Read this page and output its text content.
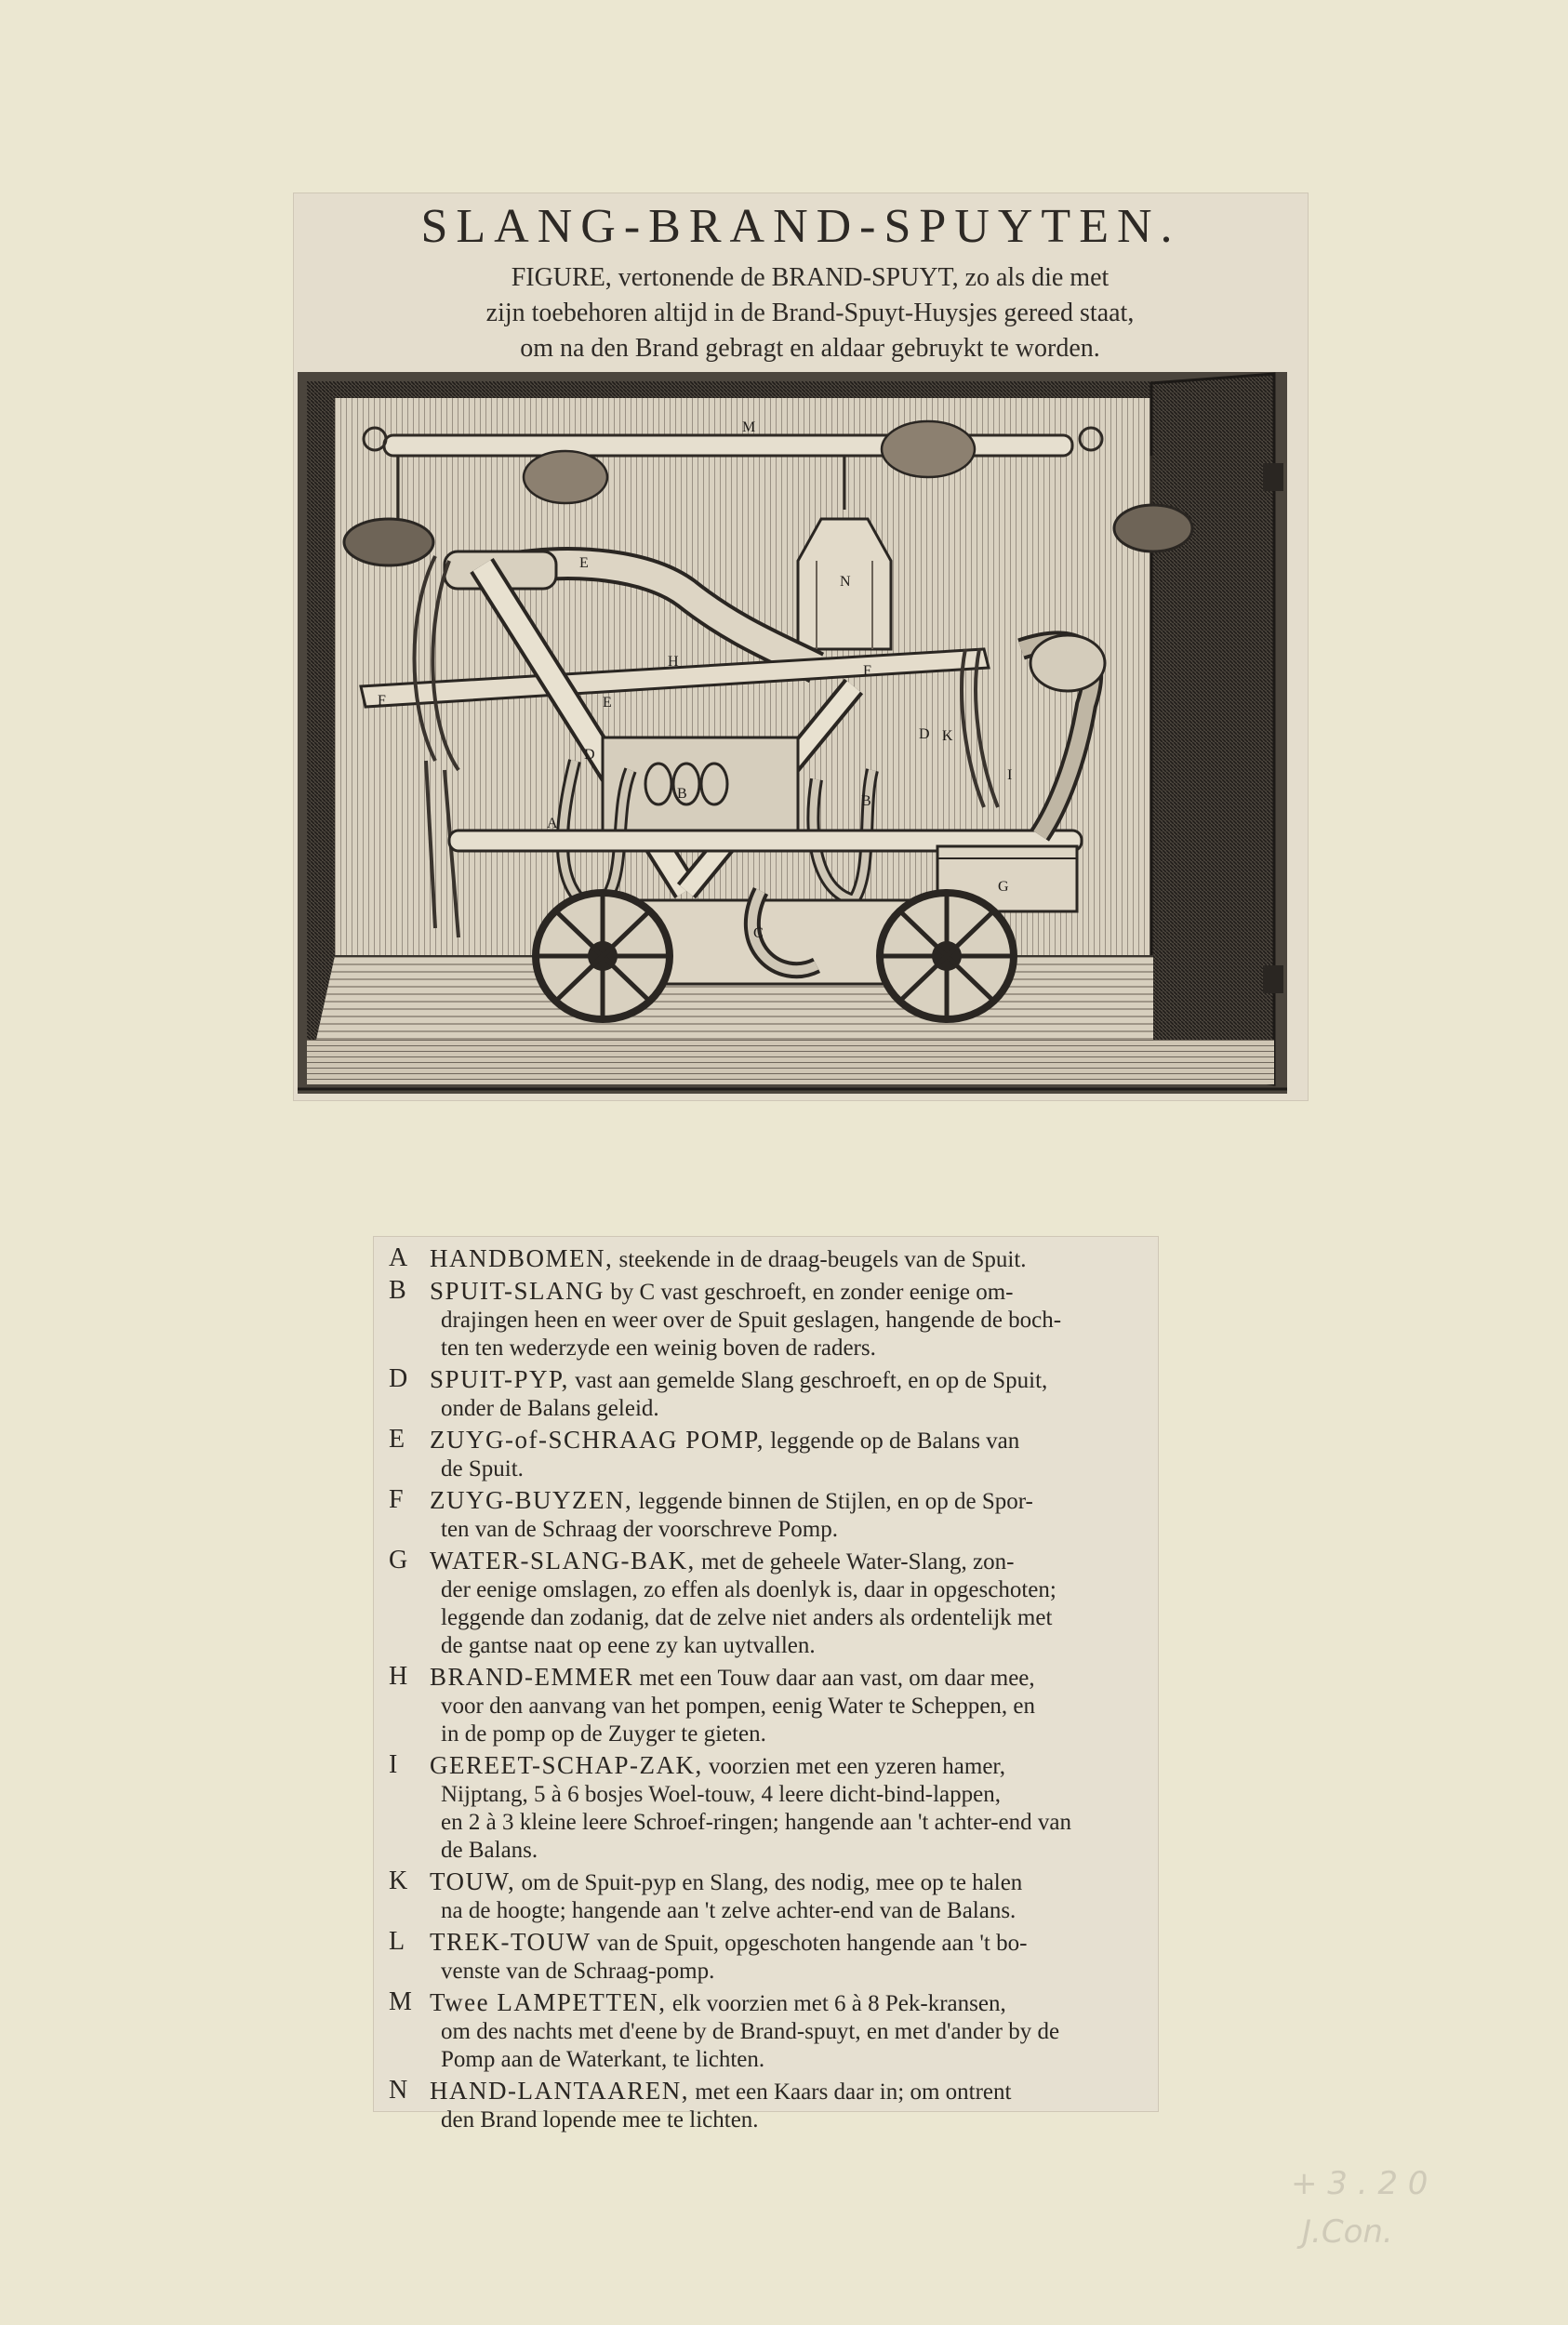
SLANG-BRAND-SPUYTEN.
FIGURE, vertonende de BRAND-SPUYT, zo als die met
zijn toebehoren altijd in de Brand-Spuyt-Huysjes gereed staat,
om na den Brand gebragt en aldaar gebruykt te worden.
M
N
E
H
E
F
F
D
D K
I
B	B
A
G
C
A HANDBOMEN, steekende in de draag-beugels van de Spuit.
B SPUIT-SLANG by C vast geschroeft, en zonder eenige om-
drajingen heen en weer over de Spuit geslagen, hangende de boch-
ten ten wederzyde een weinig boven de raders.
D SPUIT-PYP, vast aan gemelde Slang geschroeft, en op de Spuit,
onder de Balans geleid.
E ZUYG-of-SCHRAAG POMP, leggende op de Balans van
de Spuit.
F ZUYG-BUYZEN, leggende binnen de Stijlen, en op de Spor-
ten van de Schraag der voorschreve Pomp.
G WATER-SLANG-BAK, met de geheele Water-Slang, zon-
der eenige omslagen, zo effen als doenlyk is, daar in opgeschoten;
leggende dan zodanig, dat de zelve niet anders als ordentelijk met
de gantse naat op eene zy kan uytvallen.
H BRAND-EMMER met een Touw daar aan vast, om daar mee,
voor den aanvang van het pompen, eenig Water te Scheppen, en
in de pomp op de Zuyger te gieten.
I GEREET-SCHAP-ZAK, voorzien met een yzeren hamer,
Nijptang, 5 à 6 bosjes Woel-touw, 4 leere dicht-bind-lappen,
en 2 à 3 kleine leere Schroef-ringen; hangende aan 't achter-end van
de Balans.
K TOUW, om de Spuit-pyp en Slang, des nodig, mee op te halen
na de hoogte; hangende aan 't zelve achter-end van de Balans.
L TREK-TOUW van de Spuit, opgeschoten hangende aan 't bo-
venste van de Schraag-pomp.
M Twee LAMPETTEN, elk voorzien met 6 à 8 Pek-kransen,
om des nachts met d'eene by de Brand-spuyt, en met d'ander by de
Pomp aan de Waterkant, te lichten.
N HAND-LANTAAREN, met een Kaars daar in; om ontrent
den Brand lopende mee te lichten.
+ 3 . 2 0
J.Con.
